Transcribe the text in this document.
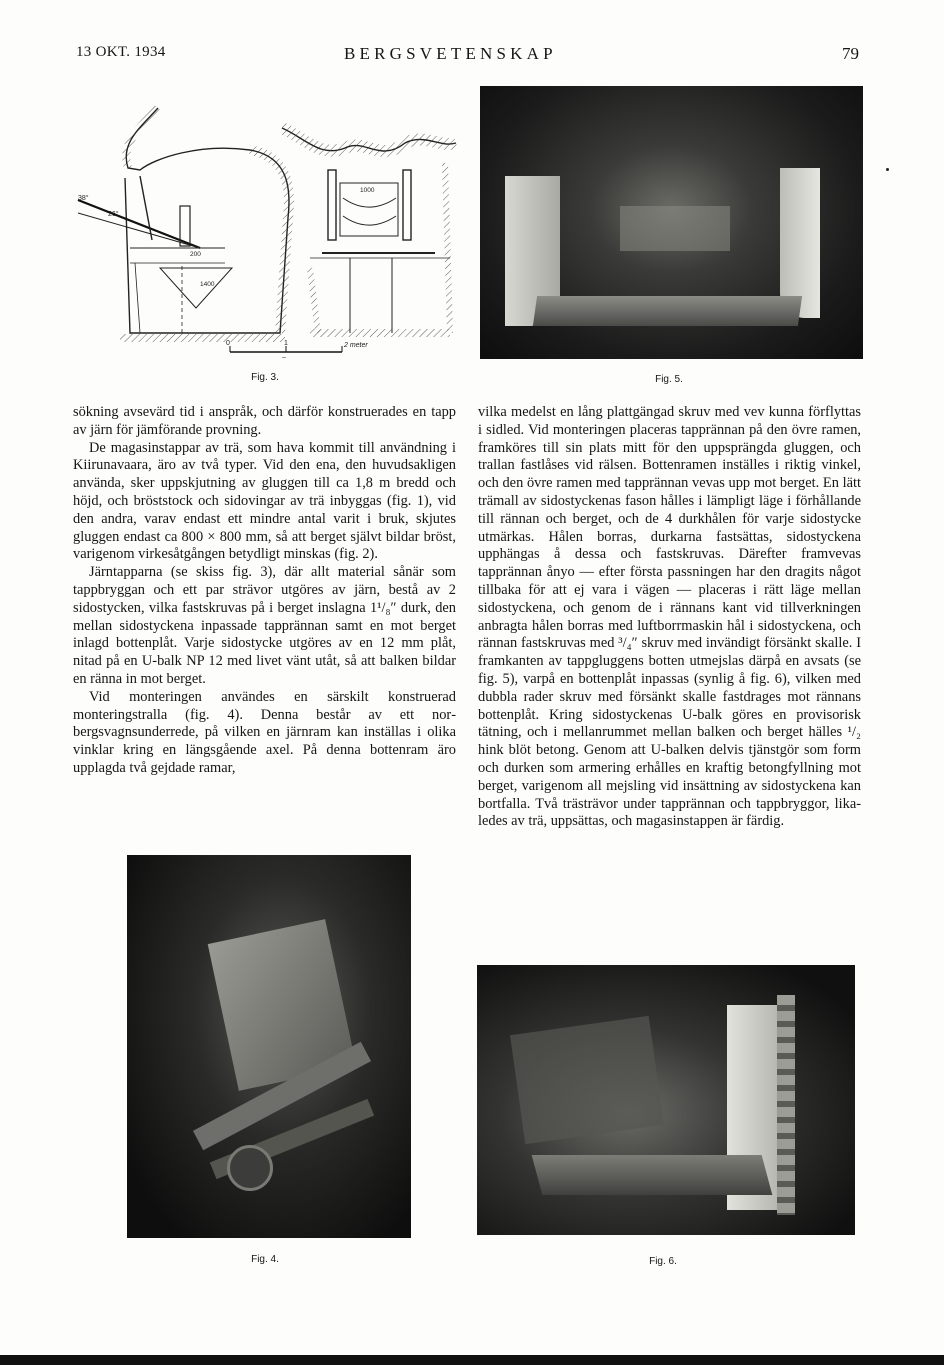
13 OKT. 1934	BERGSVETENSKAP	79
38°
26°
200
1400
1000
0	1	2 meter
~
Fig. 3.	Fig. 5.

sökning avsevärd tid i anspråk, och därför konstruerades en tapp av järn för jämförande provning.

De magasinstappar av trä, som hava kommit till användning i Kiirunavaara, äro av två typer. Vid den ena, den huvudsakligen använda, sker uppskjutning av gluggen till ca 1,8 m bredd och höjd, och bröststock och sidovingar av trä inbyggas (fig. 1), vid den andra, varav endast ett mindre antal varit i bruk, skjutes gluggen endast ca 800 × 800 mm, så att berget självt bildar bröst, varigenom virkesåtgången betydligt minskas (fig. 2).

Järntapparna (se skiss fig. 3), där allt material sånär som tappbryggan och ett par strävor utgöres av järn, bestå av 2 sidostycken, vilka fastskruvas på i berget inslagna 1¹/₈″ durk, den mellan sidostyckena inpassade tapprännan samt en mot berget inlagd bottenplåt. Varje sidostycke utgöres av en 12 mm plåt, nitad på en U-balk NP 12 med livet vänt utåt, så att balken bildar en ränna in mot berget.

Vid monteringen användes en särskilt konstruerad monteringstralla (fig. 4). Denna består av ett norbergsvagnsunderrede, på vilken en järnram kan inställas i olika vinklar kring en längsgående axel. På denna bottenram äro upplagda två gejdade ramar,

vilka medelst en lång plattgängad skruv med vev kunna förflyttas i sidled. Vid monteringen placeras tapprännan på den övre ramen, framköres till sin plats mitt för den uppsprängda gluggen, och trallan fastlåses vid rälsen. Bottenramen inställes i riktig vinkel, och den övre ramen med tapprännan vevas upp mot berget. En lätt trämall av sidostyckenas fason hålles i lämpligt läge i förhållande till rännan och berget, och de 4 durkhålen för varje sidostycke utmärkas. Hålen borras, durkarna fastsättas, sidostyckena upphängas å dessa och fastskruvas. Därefter framvevas tapprännan ånyo — efter första passningen har den dragits något tillbaka för att ej vara i vägen — placeras i rätt läge mellan sidostyckena, och genom de i rännans kant vid tillverkningen anbragta hålen borras med luftborrmaskin hål i sidostyckena, och rännan fastskruvas med ³/₄″ skruv med invändigt försänkt skalle. I framkanten av tappgluggens botten utmejslas därpå en avsats (se fig. 5), varpå en bottenplåt inpassas (synlig å fig. 6), vilken med dubbla rader skruv med försänkt skalle fastdrages mot rännans bottenplåt. Kring sidostyckenas U-balk göres en provisorisk tätning, och i mellanrummet mellan balken och berget hälles ¹/₂ hink blöt betong. Genom att U-balken delvis tjänstgör som form och durken som armering erhålles en kraftig betongfyllning mot berget, varigenom all mejsling vid insättning av sidostyckena kan bortfalla. Två trästrävor under tapprännan och tappbryggor, likaledes av trä, uppsättas, och magasinstappen är färdig.

Fig. 4.	Fig. 6.
